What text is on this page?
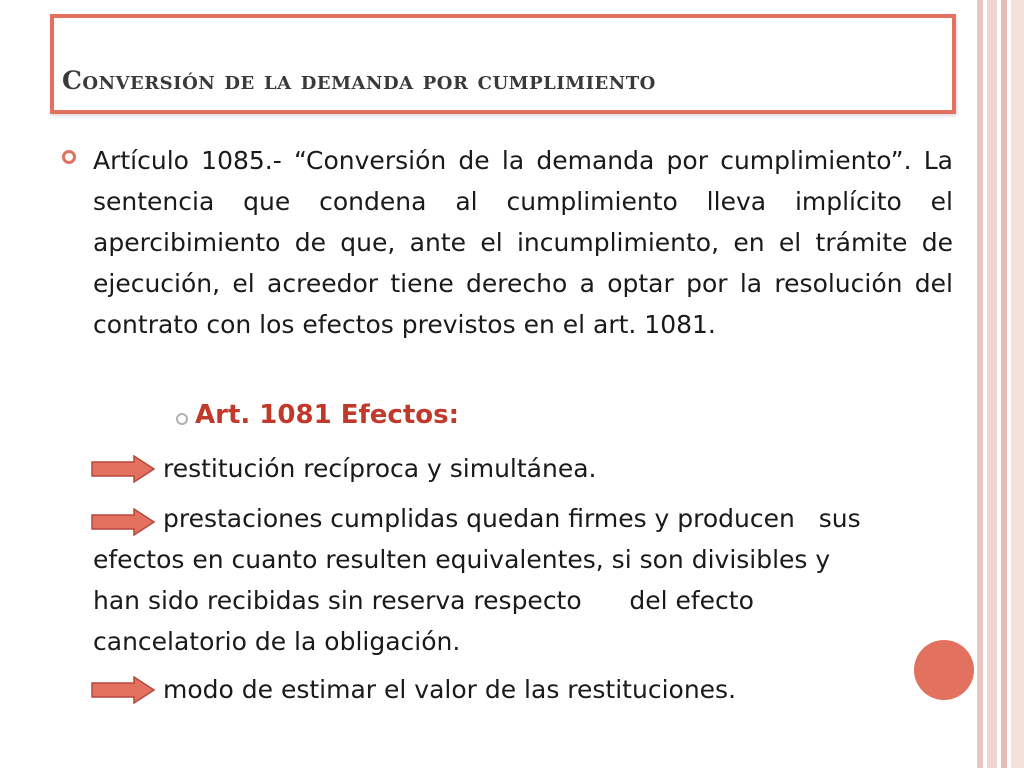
Conversión de la demanda por cumplimiento

Artículo 1085.- “Conversión de la demanda por cumplimiento”. La sentencia que condena al cumplimiento lleva implícito el apercibimiento de que, ante el incumplimiento, en el trámite de ejecución, el acreedor tiene derecho a optar por la resolución del contrato con los efectos previstos en el art. 1081.

Art. 1081 Efectos:

restitución recíproca y simultánea.

prestaciones cumplidas quedan firmes y producen   sus

efectos en cuanto resulten equivalentes, si son divisibles y

han sido recibidas sin reserva respecto      del efecto

cancelatorio de la obligación.

modo de estimar el valor de las restituciones.
